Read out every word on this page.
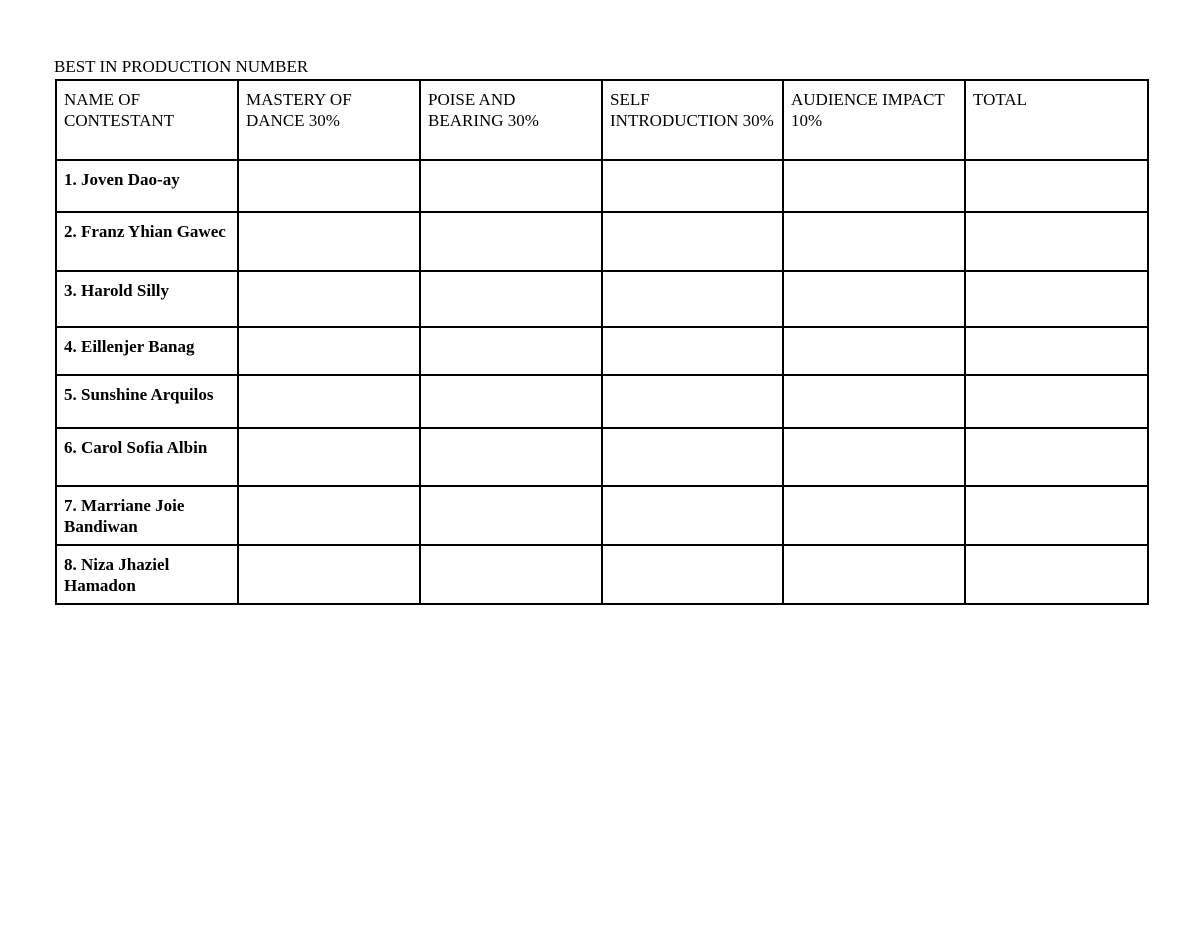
BEST IN PRODUCTION NUMBER
NAME OF CONTESTANT	MASTERY OF DANCE 30%	POISE AND BEARING 30%	SELF INTRODUCTION 30%	AUDIENCE IMPACT 10%	TOTAL
1. Joven Dao-ay					
2. Franz Yhian Gawec					
3. Harold Silly					
4. Eillenjer Banag					
5. Sunshine Arquilos					
6. Carol Sofia Albin					
7. Marriane Joie Bandiwan					
8. Niza Jhaziel Hamadon					
